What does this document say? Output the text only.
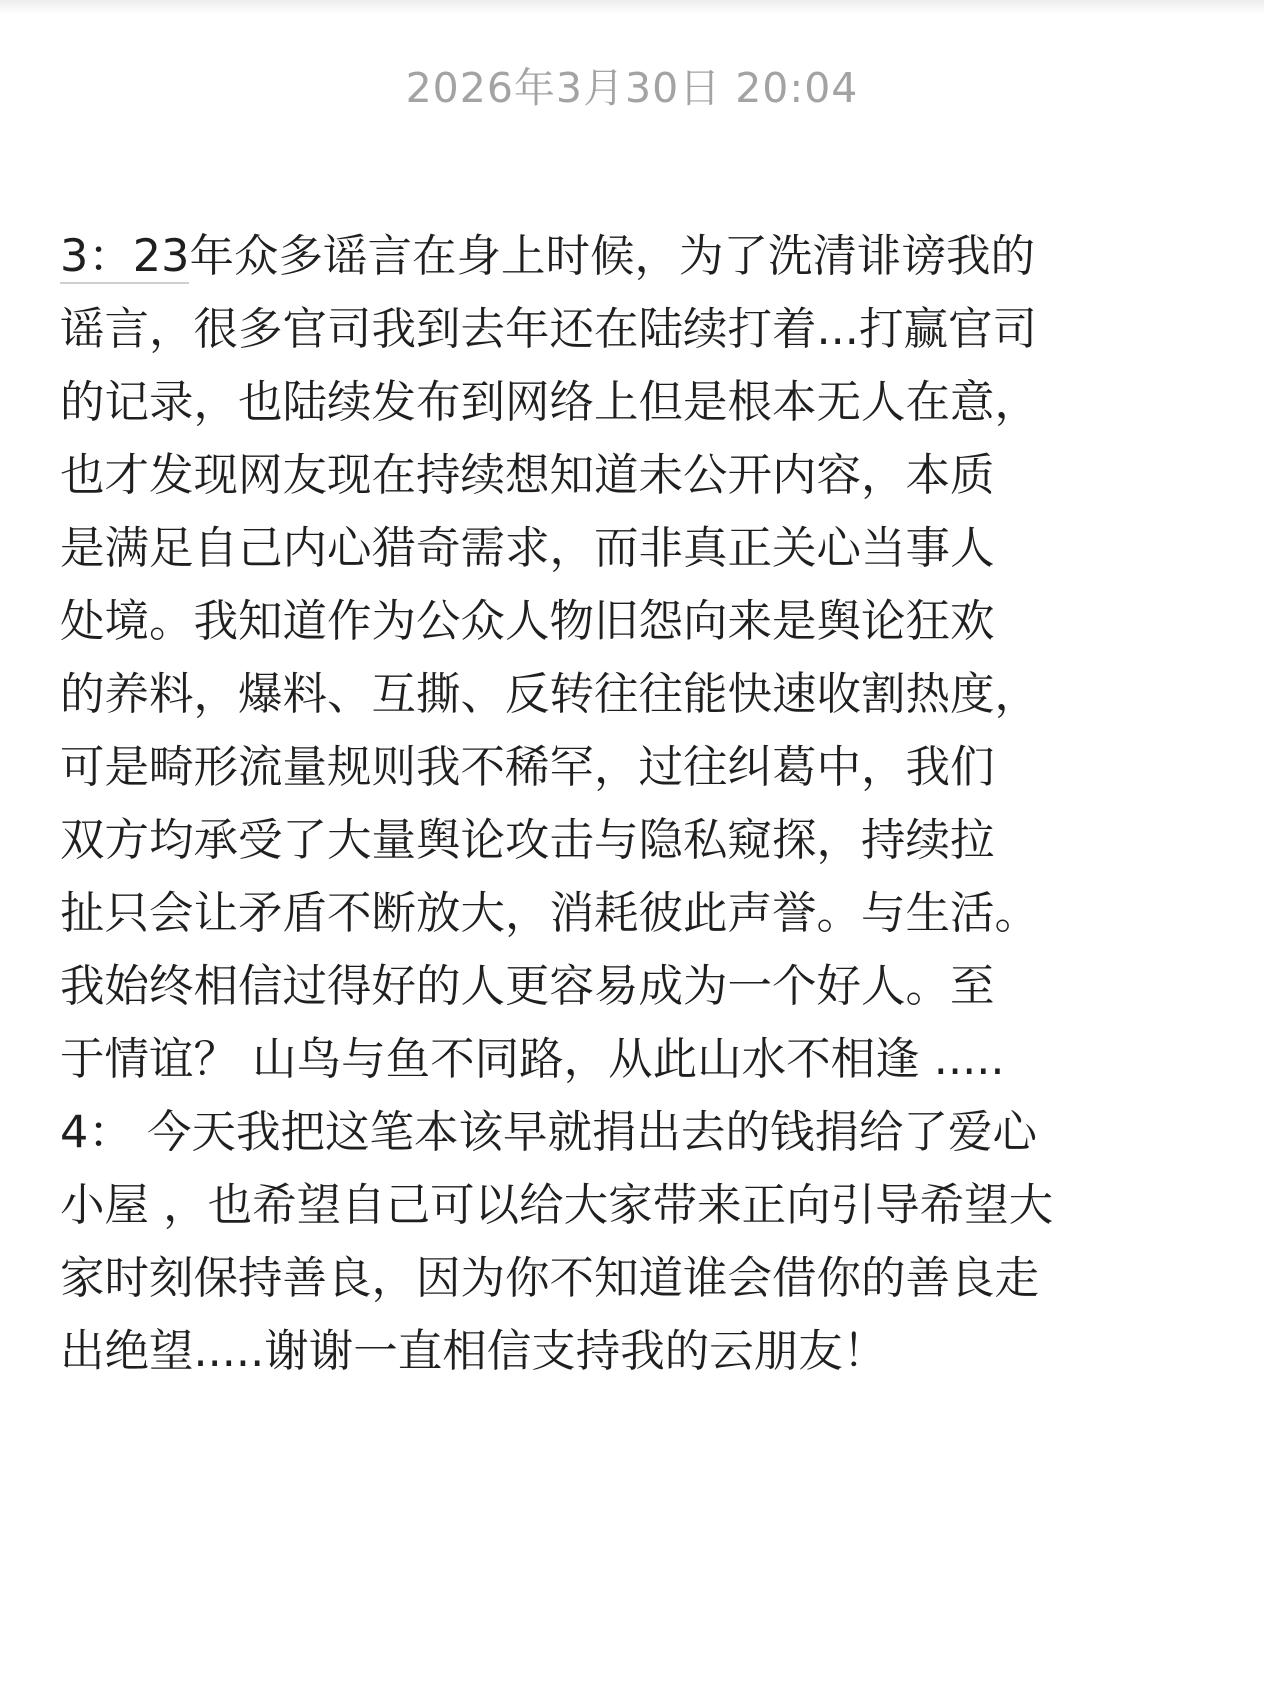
2026年3月30日 20:04
3：23年众多谣言在身上时候，为了洗清诽谤我的
谣言，很多官司我到去年还在陆续打着...打赢官司
的记录，也陆续发布到网络上但是根本无人在意，
也才发现网友现在持续想知道未公开内容，本质
是满足自己内心猎奇需求，而非真正关心当事人
处境。我知道作为公众人物旧怨向来是舆论狂欢
的养料，爆料、互撕、反转往往能快速收割热度，
可是畸形流量规则我不稀罕，过往纠葛中，我们
双方均承受了大量舆论攻击与隐私窥探，持续拉
扯只会让矛盾不断放大，消耗彼此声誉。与生活。
我始终相信过得好的人更容易成为一个好人。至
于情谊？ 山鸟与鱼不同路，从此山水不相逢 .....
4： 今天我把这笔本该早就捐出去的钱捐给了爱心
小屋 ，也希望自己可以给大家带来正向引导希望大
家时刻保持善良，因为你不知道谁会借你的善良走
出绝望.....谢谢一直相信支持我的云朋友！
